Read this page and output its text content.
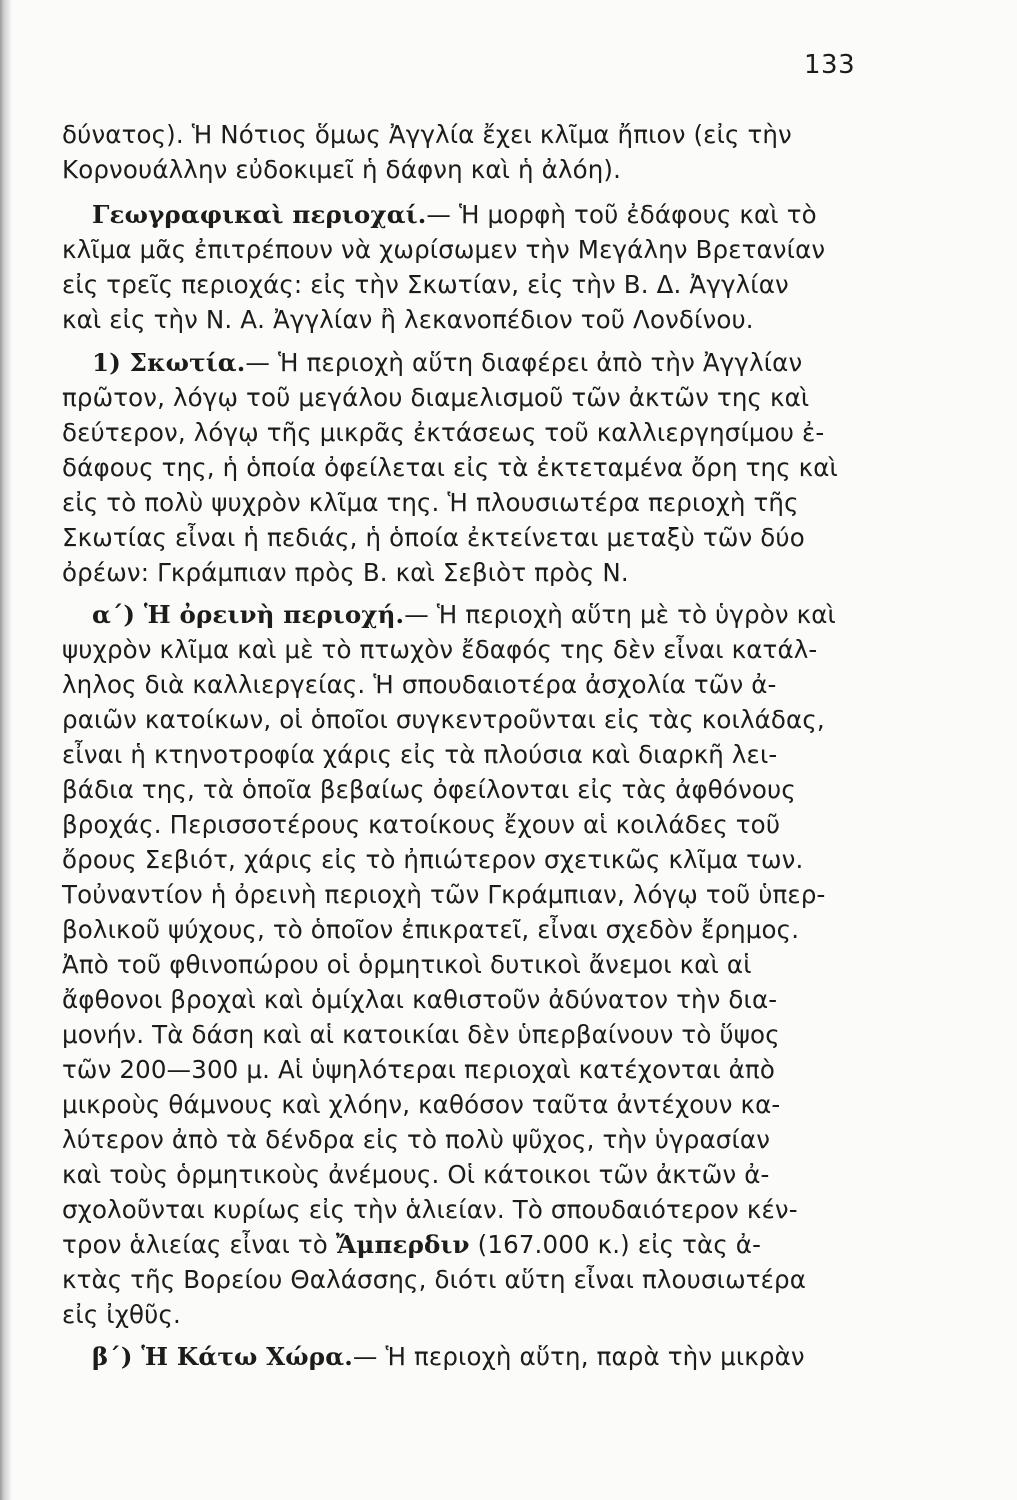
133
δύνατος). Ἡ Νότιος ὅμως Ἀγγλία ἔχει κλῖμα ἤπιον (εἰς τὴν
Κορνουάλλην εὐδοκιμεῖ ἡ δάφνη καὶ ἡ ἀλόη).
Γεωγραφικαὶ περιοχαί.— Ἡ μορφὴ τοῦ ἐδάφους καὶ τὸ
κλῖμα μᾶς ἐπιτρέπουν νὰ χωρίσωμεν τὴν Μεγάλην Βρετανίαν
εἰς τρεῖς περιοχάς: εἰς τὴν Σκωτίαν, εἰς τὴν Β. Δ. Ἀγγλίαν
καὶ εἰς τὴν Ν. Α. Ἀγγλίαν ἢ λεκανοπέδιον τοῦ Λονδίνου.
1) Σκωτία.— Ἡ περιοχὴ αὕτη διαφέρει ἀπὸ τὴν Ἀγγλίαν
πρῶτον, λόγῳ τοῦ μεγάλου διαμελισμοῦ τῶν ἀκτῶν της καὶ
δεύτερον, λόγῳ τῆς μικρᾶς ἐκτάσεως τοῦ καλλιεργησίμου ἐ-
δάφους της, ἡ ὁποία ὀφείλεται εἰς τὰ ἐκτεταμένα ὄρη της καὶ
εἰς τὸ πολὺ ψυχρὸν κλῖμα της. Ἡ πλουσιωτέρα περιοχὴ τῆς
Σκωτίας εἶναι ἡ πεδιάς, ἡ ὁποία ἐκτείνεται μεταξὺ τῶν δύο
ὀρέων: Γκράμπιαν πρὸς Β. καὶ Σεβιὸτ πρὸς Ν.
α΄) Ἡ ὀρεινὴ περιοχή.— Ἡ περιοχὴ αὕτη μὲ τὸ ὑγρὸν καὶ
ψυχρὸν κλῖμα καὶ μὲ τὸ πτωχὸν ἔδαφός της δὲν εἶναι κατάλ-
ληλος διὰ καλλιεργείας. Ἡ σπουδαιοτέρα ἀσχολία τῶν ἀ-
ραιῶν κατοίκων, οἱ ὁποῖοι συγκεντροῦνται εἰς τὰς κοιλάδας,
εἶναι ἡ κτηνοτροφία χάρις εἰς τὰ πλούσια καὶ διαρκῆ λει-
βάδια της, τὰ ὁποῖα βεβαίως ὀφείλονται εἰς τὰς ἀφθόνους
βροχάς. Περισσοτέρους κατοίκους ἔχουν αἱ κοιλάδες τοῦ
ὄρους Σεβιότ, χάρις εἰς τὸ ἠπιώτερον σχετικῶς κλῖμα των.
Τοὐναντίον ἡ ὀρεινὴ περιοχὴ τῶν Γκράμπιαν, λόγῳ τοῦ ὑπερ-
βολικοῦ ψύχους, τὸ ὁποῖον ἐπικρατεῖ, εἶναι σχεδὸν ἔρημος.
Ἀπὸ τοῦ φθινοπώρου οἱ ὁρμητικοὶ δυτικοὶ ἄνεμοι καὶ αἱ
ἄφθονοι βροχαὶ καὶ ὁμίχλαι καθιστοῦν ἀδύνατον τὴν δια-
μονήν. Τὰ δάση καὶ αἱ κατοικίαι δὲν ὑπερβαίνουν τὸ ὕψος
τῶν 200—300 μ. Αἱ ὑψηλότεραι περιοχαὶ κατέχονται ἀπὸ
μικροὺς θάμνους καὶ χλόην, καθόσον ταῦτα ἀντέχουν κα-
λύτερον ἀπὸ τὰ δένδρα εἰς τὸ πολὺ ψῦχος, τὴν ὑγρασίαν
καὶ τοὺς ὁρμητικοὺς ἀνέμους. Οἱ κάτοικοι τῶν ἀκτῶν ἀ-
σχολοῦνται κυρίως εἰς τὴν ἁλιείαν. Τὸ σπουδαιότερον κέν-
τρον ἁλιείας εἶναι τὸ Ἄμπερδιν (167.000 κ.) εἰς τὰς ἀ-
κτὰς τῆς Βορείου Θαλάσσης, διότι αὕτη εἶναι πλουσιωτέρα
εἰς ἰχθῦς.
β΄) Ἡ Κάτω Χώρα.— Ἡ περιοχὴ αὕτη, παρὰ τὴν μικρὰν
